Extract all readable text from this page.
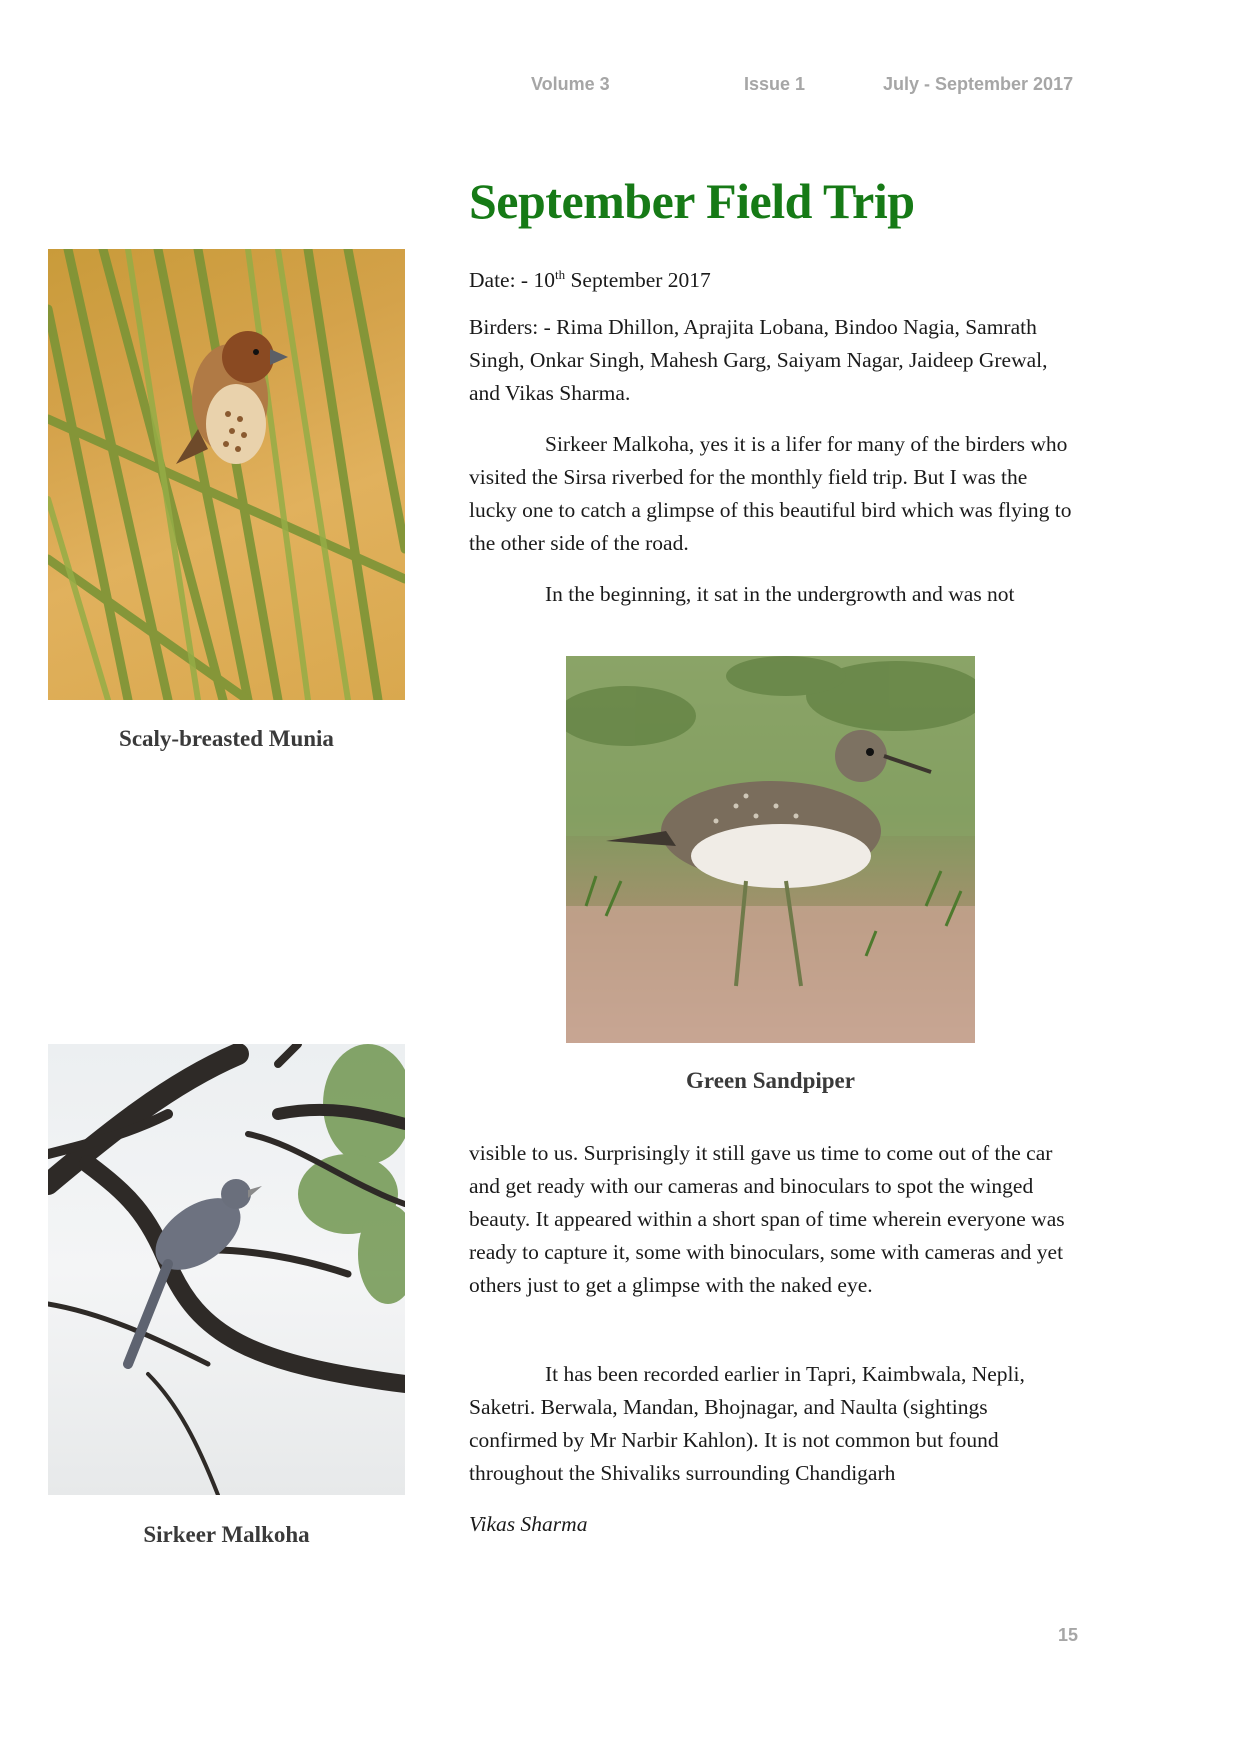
Volume 3	Issue 1	July - September 2017
September Field Trip

Scaly-breasted Munia

Date: - 10th September 2017

Birders: - Rima Dhillon, Aprajita Lobana, Bindoo Nagia, Samrath Singh, Onkar Singh, Mahesh Garg, Saiyam Nagar, Jaideep Grewal, and Vikas Sharma.

Sirkeer Malkoha, yes it is a lifer for many of the birders who visited the Sirsa riverbed for the monthly field trip. But I was the lucky one to catch a glimpse of this beautiful bird which was flying to the other side of the road.

In the beginning, it sat in the undergrowth and was not

Green Sandpiper

Sirkeer Malkoha

visible to us. Surprisingly it still gave us time to come out of the car and get ready with our cameras and binoculars to spot the winged beauty. It appeared within a short span of time wherein everyone was ready to capture it, some with binoculars, some with cameras and yet others just to get a glimpse with the naked eye.

It has been recorded earlier in Tapri, Kaimbwala, Nepli, Saketri. Berwala, Mandan, Bhojnagar, and Naulta (sightings confirmed by Mr Narbir Kahlon). It is not common but found throughout the Shivaliks surrounding Chandigarh

Vikas Sharma

15
